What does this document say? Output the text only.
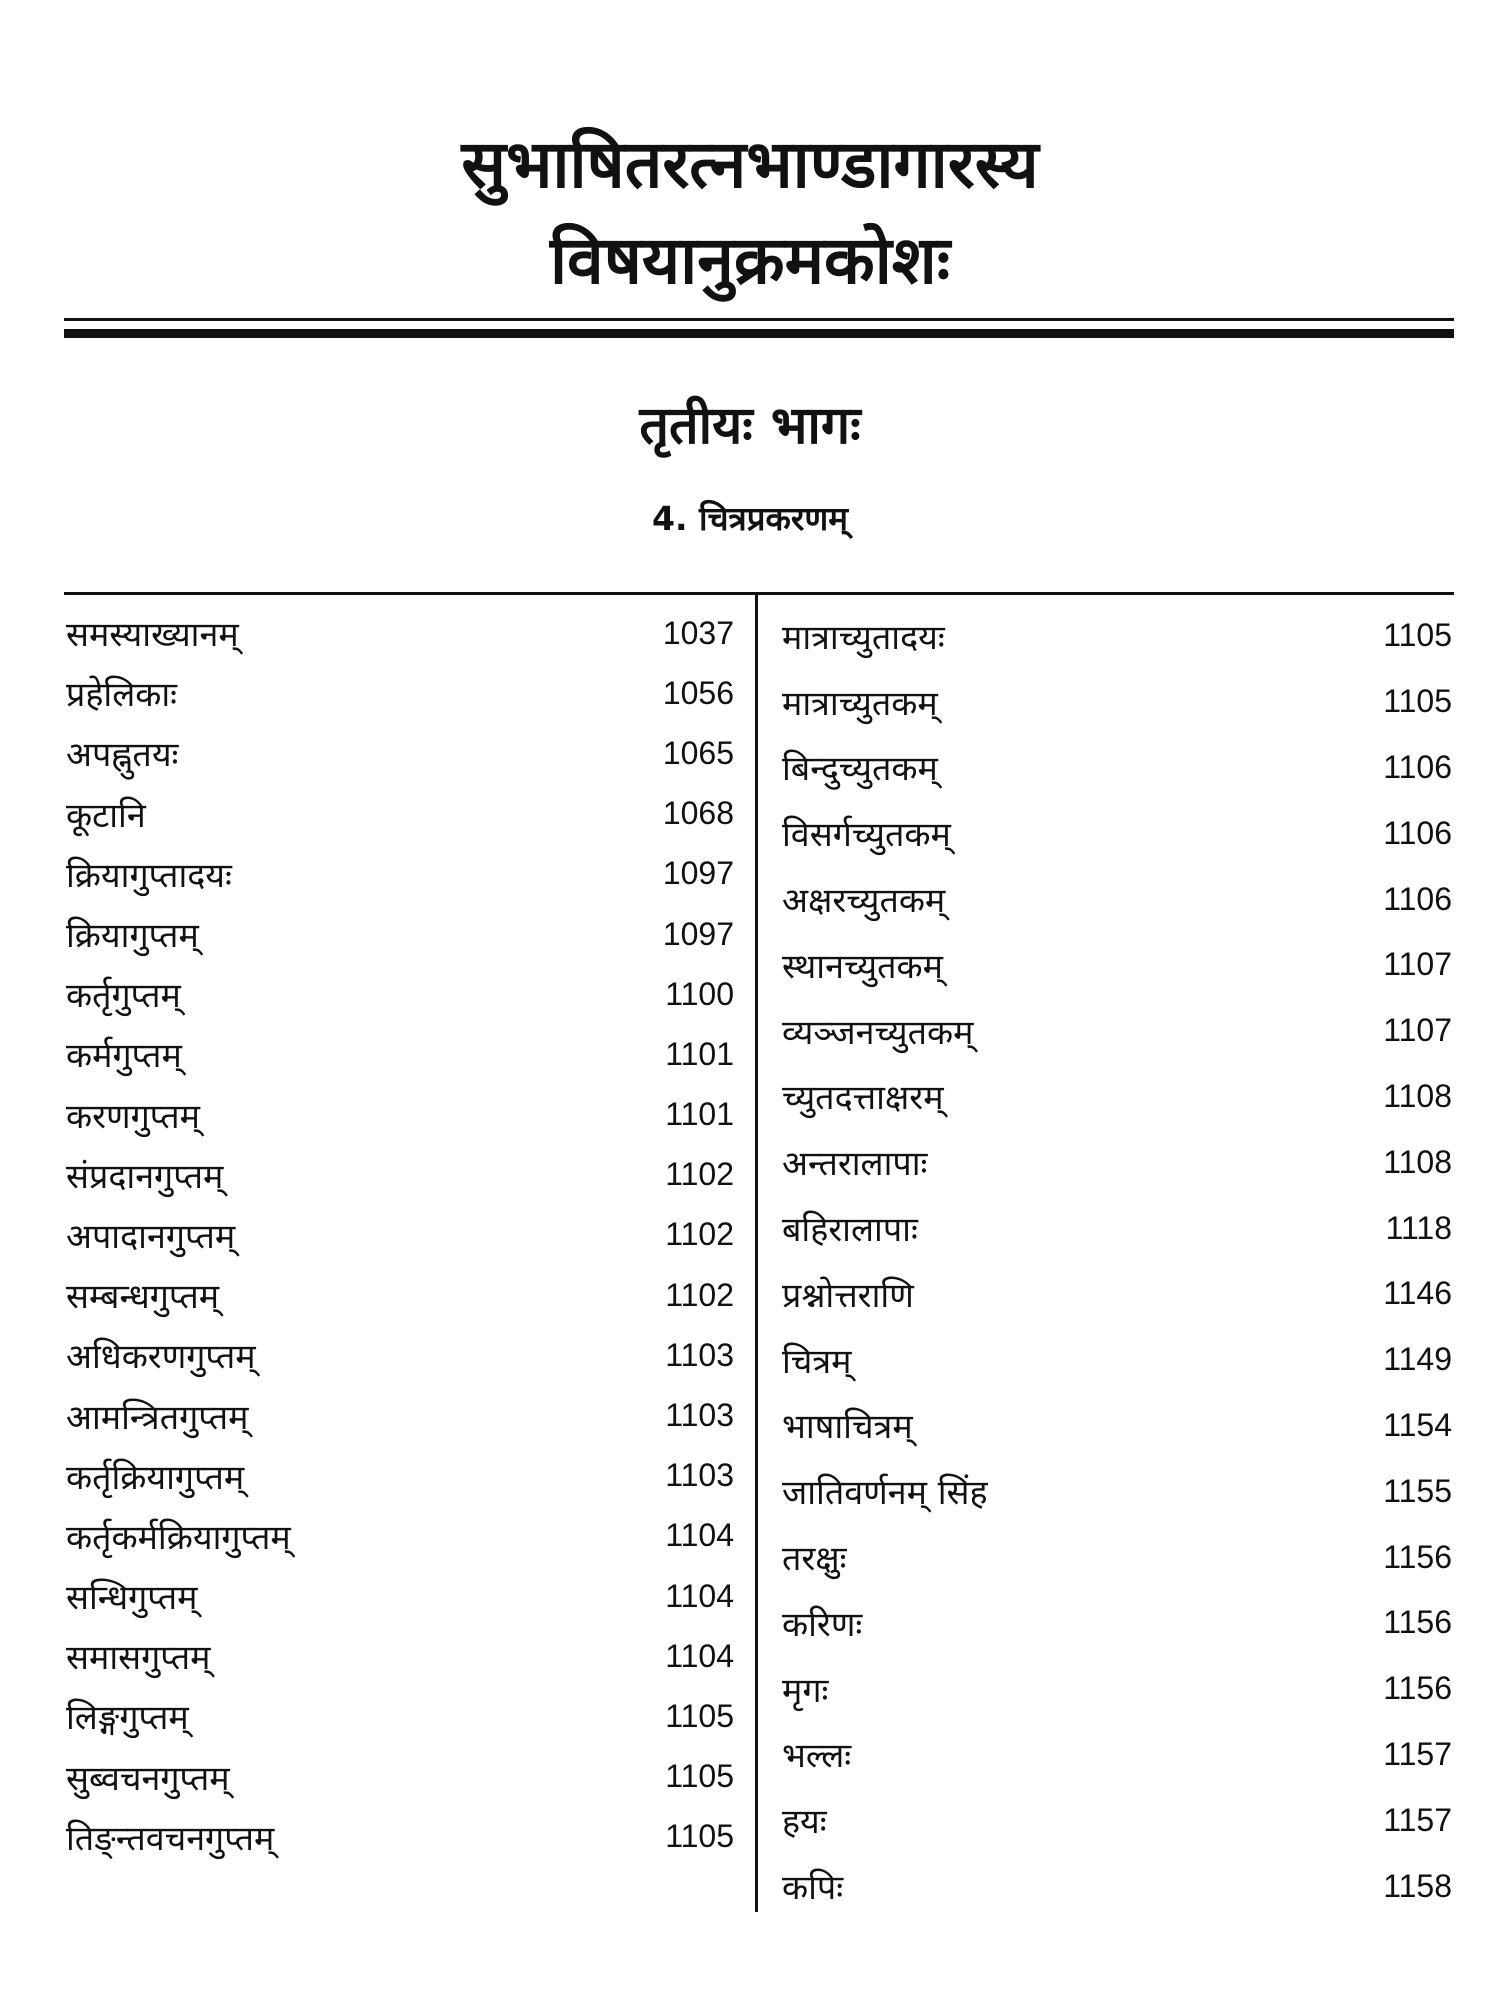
सुभाषितरत्नभाण्डागारस्य
विषयानुक्रमकोशः
तृतीयः भागः
4. चित्रप्रकरणम्
समस्याख्यानम्	1037
प्रहेलिकाः	1056
अपह्नुतयः	1065
कूटानि	1068
क्रियागुप्तादयः	1097
क्रियागुप्तम्	1097
कर्तृगुप्तम्	1100
कर्मगुप्तम्	1101
करणगुप्तम्	1101
संप्रदानगुप्तम्	1102
अपादानगुप्तम्	1102
सम्बन्धगुप्तम्	1102
अधिकरणगुप्तम्	1103
आमन्त्रितगुप्तम्	1103
कर्तृक्रियागुप्तम्	1103
कर्तृकर्मक्रियागुप्तम्	1104
सन्धिगुप्तम्	1104
समासगुप्तम्	1104
लिङ्गगुप्तम्	1105
सुब्वचनगुप्तम्	1105
तिङ्न्तवचनगुप्तम्	1105
मात्राच्युतादयः	1105
मात्राच्युतकम्	1105
बिन्दुच्युतकम्	1106
विसर्गच्युतकम्	1106
अक्षरच्युतकम्	1106
स्थानच्युतकम्	1107
व्यञ्जनच्युतकम्	1107
च्युतदत्ताक्षरम्	1108
अन्तरालापाः	1108
बहिरालापाः	1118
प्रश्नोत्तराणि	1146
चित्रम्	1149
भाषाचित्रम्	1154
जातिवर्णनम् सिंह	1155
तरक्षुः	1156
करिणः	1156
मृगः	1156
भल्लः	1157
हयः	1157
कपिः	1158
